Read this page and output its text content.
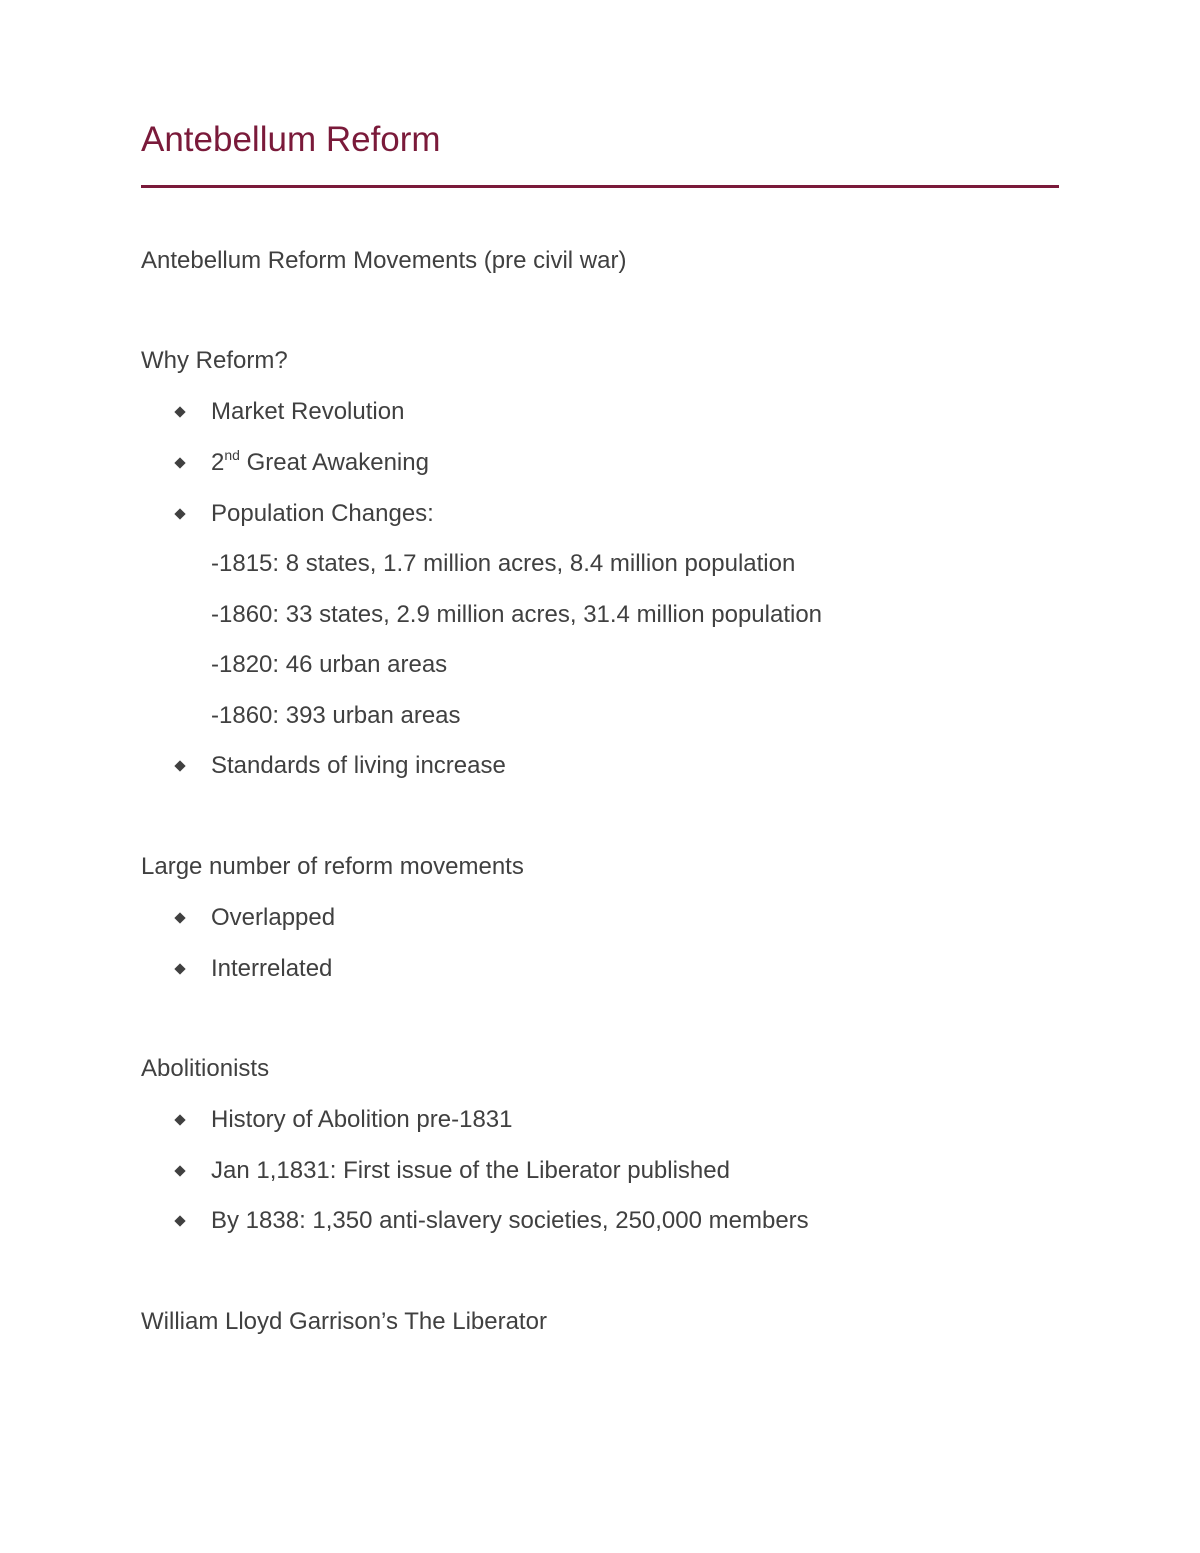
Antebellum Reform
Antebellum Reform Movements (pre civil war)
Why Reform?
Market Revolution
2nd Great Awakening
Population Changes:
-1815: 8 states, 1.7 million acres, 8.4 million population
-1860: 33 states, 2.9 million acres, 31.4 million population
-1820: 46 urban areas
-1860: 393 urban areas
Standards of living increase
Large number of reform movements
Overlapped
Interrelated
Abolitionists
History of Abolition pre-1831
Jan 1,1831: First issue of the Liberator published
By 1838: 1,350 anti-slavery societies, 250,000 members
William Lloyd Garrison’s The Liberator
